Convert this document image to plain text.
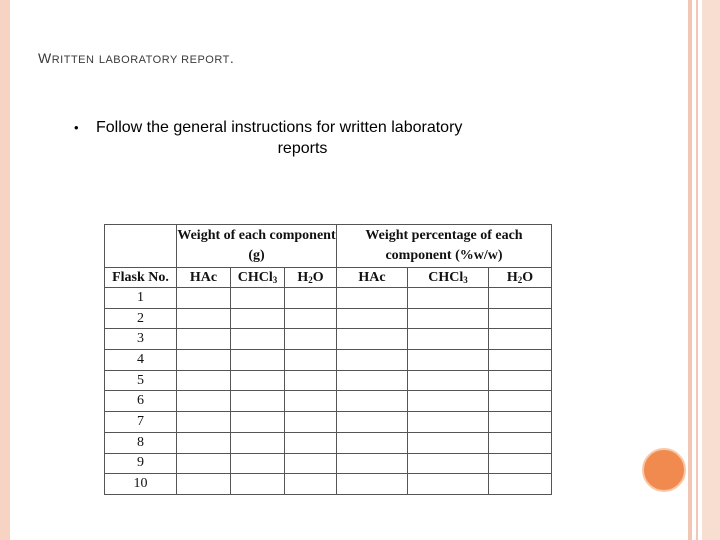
WRITTEN LABORATORY REPORT.
• Follow the general instructions for written laboratory
reports
	Weight of each component (g)			Weight percentage of each component (%w/w)		
Flask No.	HAc	CHCl$_3$	$H_2O$	HAc	CHCl$_3$	$H_2O$
1						
2						
3						
4						
5						
6						
7						
8						
9						
10						
